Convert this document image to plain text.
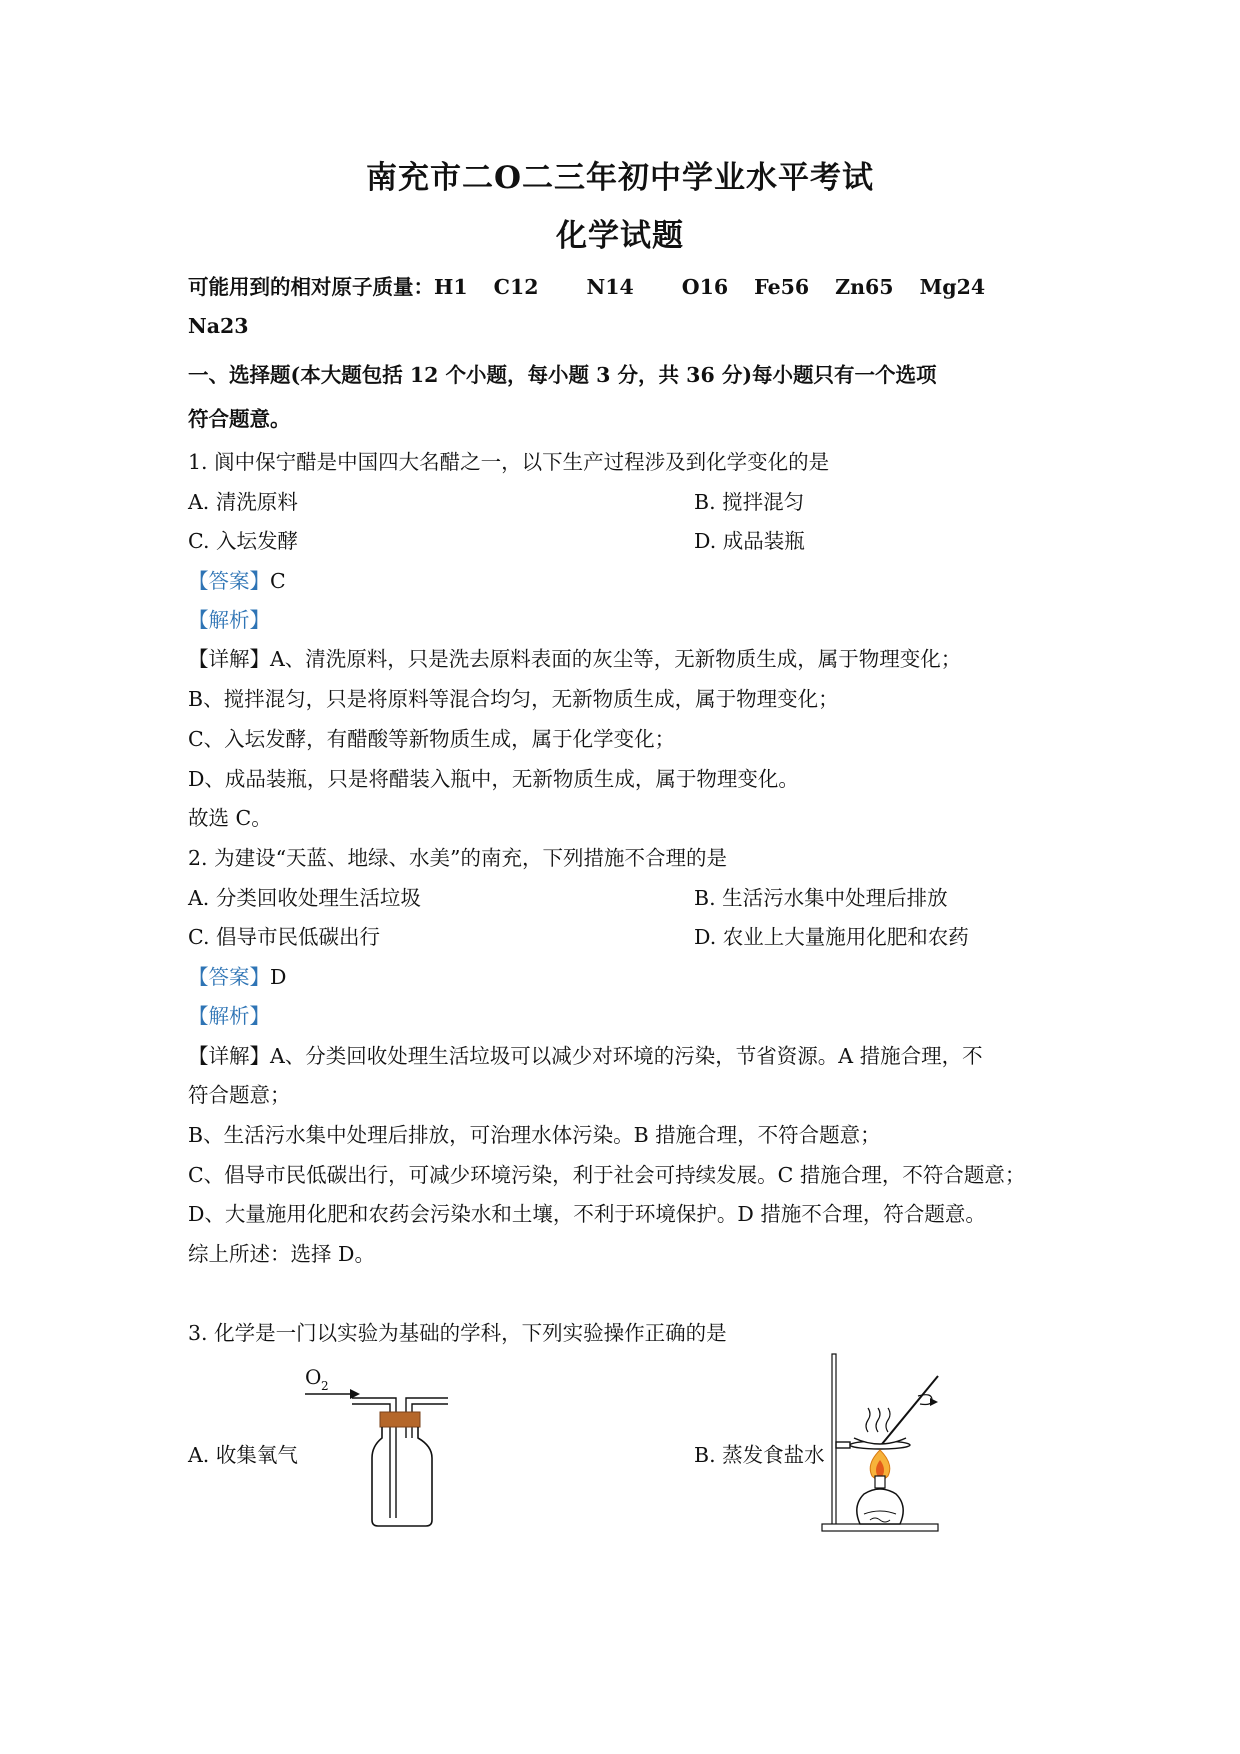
南充市二O二三年初中学业水平考试
化学试题
可能用到的相对原子质量：H1 C12 N14 O16 Fe56 Zn65 Mg24
Na23
一、选择题(本大题包括 12 个小题，每小题 3 分，共 36 分)每小题只有一个选项
符合题意。
1. 阆中保宁醋是中国四大名醋之一，以下生产过程涉及到化学变化的是
A. 清洗原料	B. 搅拌混匀
C. 入坛发酵	D. 成品装瓶
【答案】C
【解析】
【详解】A、清洗原料，只是洗去原料表面的灰尘等，无新物质生成，属于物理变化；
B、搅拌混匀，只是将原料等混合均匀，无新物质生成，属于物理变化；
C、入坛发酵，有醋酸等新物质生成，属于化学变化；
D、成品装瓶，只是将醋装入瓶中，无新物质生成，属于物理变化。
故选 C。
2. 为建设“天蓝、地绿、水美”的南充，下列措施不合理的是
A. 分类回收处理生活垃圾	B. 生活污水集中处理后排放
C. 倡导市民低碳出行	D. 农业上大量施用化肥和农药
【答案】D
【解析】
【详解】A、分类回收处理生活垃圾可以减少对环境的污染，节省资源。A 措施合理，不
符合题意；
B、生活污水集中处理后排放，可治理水体污染。B 措施合理，不符合题意；
C、倡导市民低碳出行，可减少环境污染，利于社会可持续发展。C 措施合理，不符合题意；
D、大量施用化肥和农药会污染水和土壤，不利于环境保护。D 措施不合理，符合题意。
综上所述：选择 D。
3. 化学是一门以实验为基础的学科，下列实验操作正确的是
A. 收集氧气	B. 蒸发食盐水
O 2
